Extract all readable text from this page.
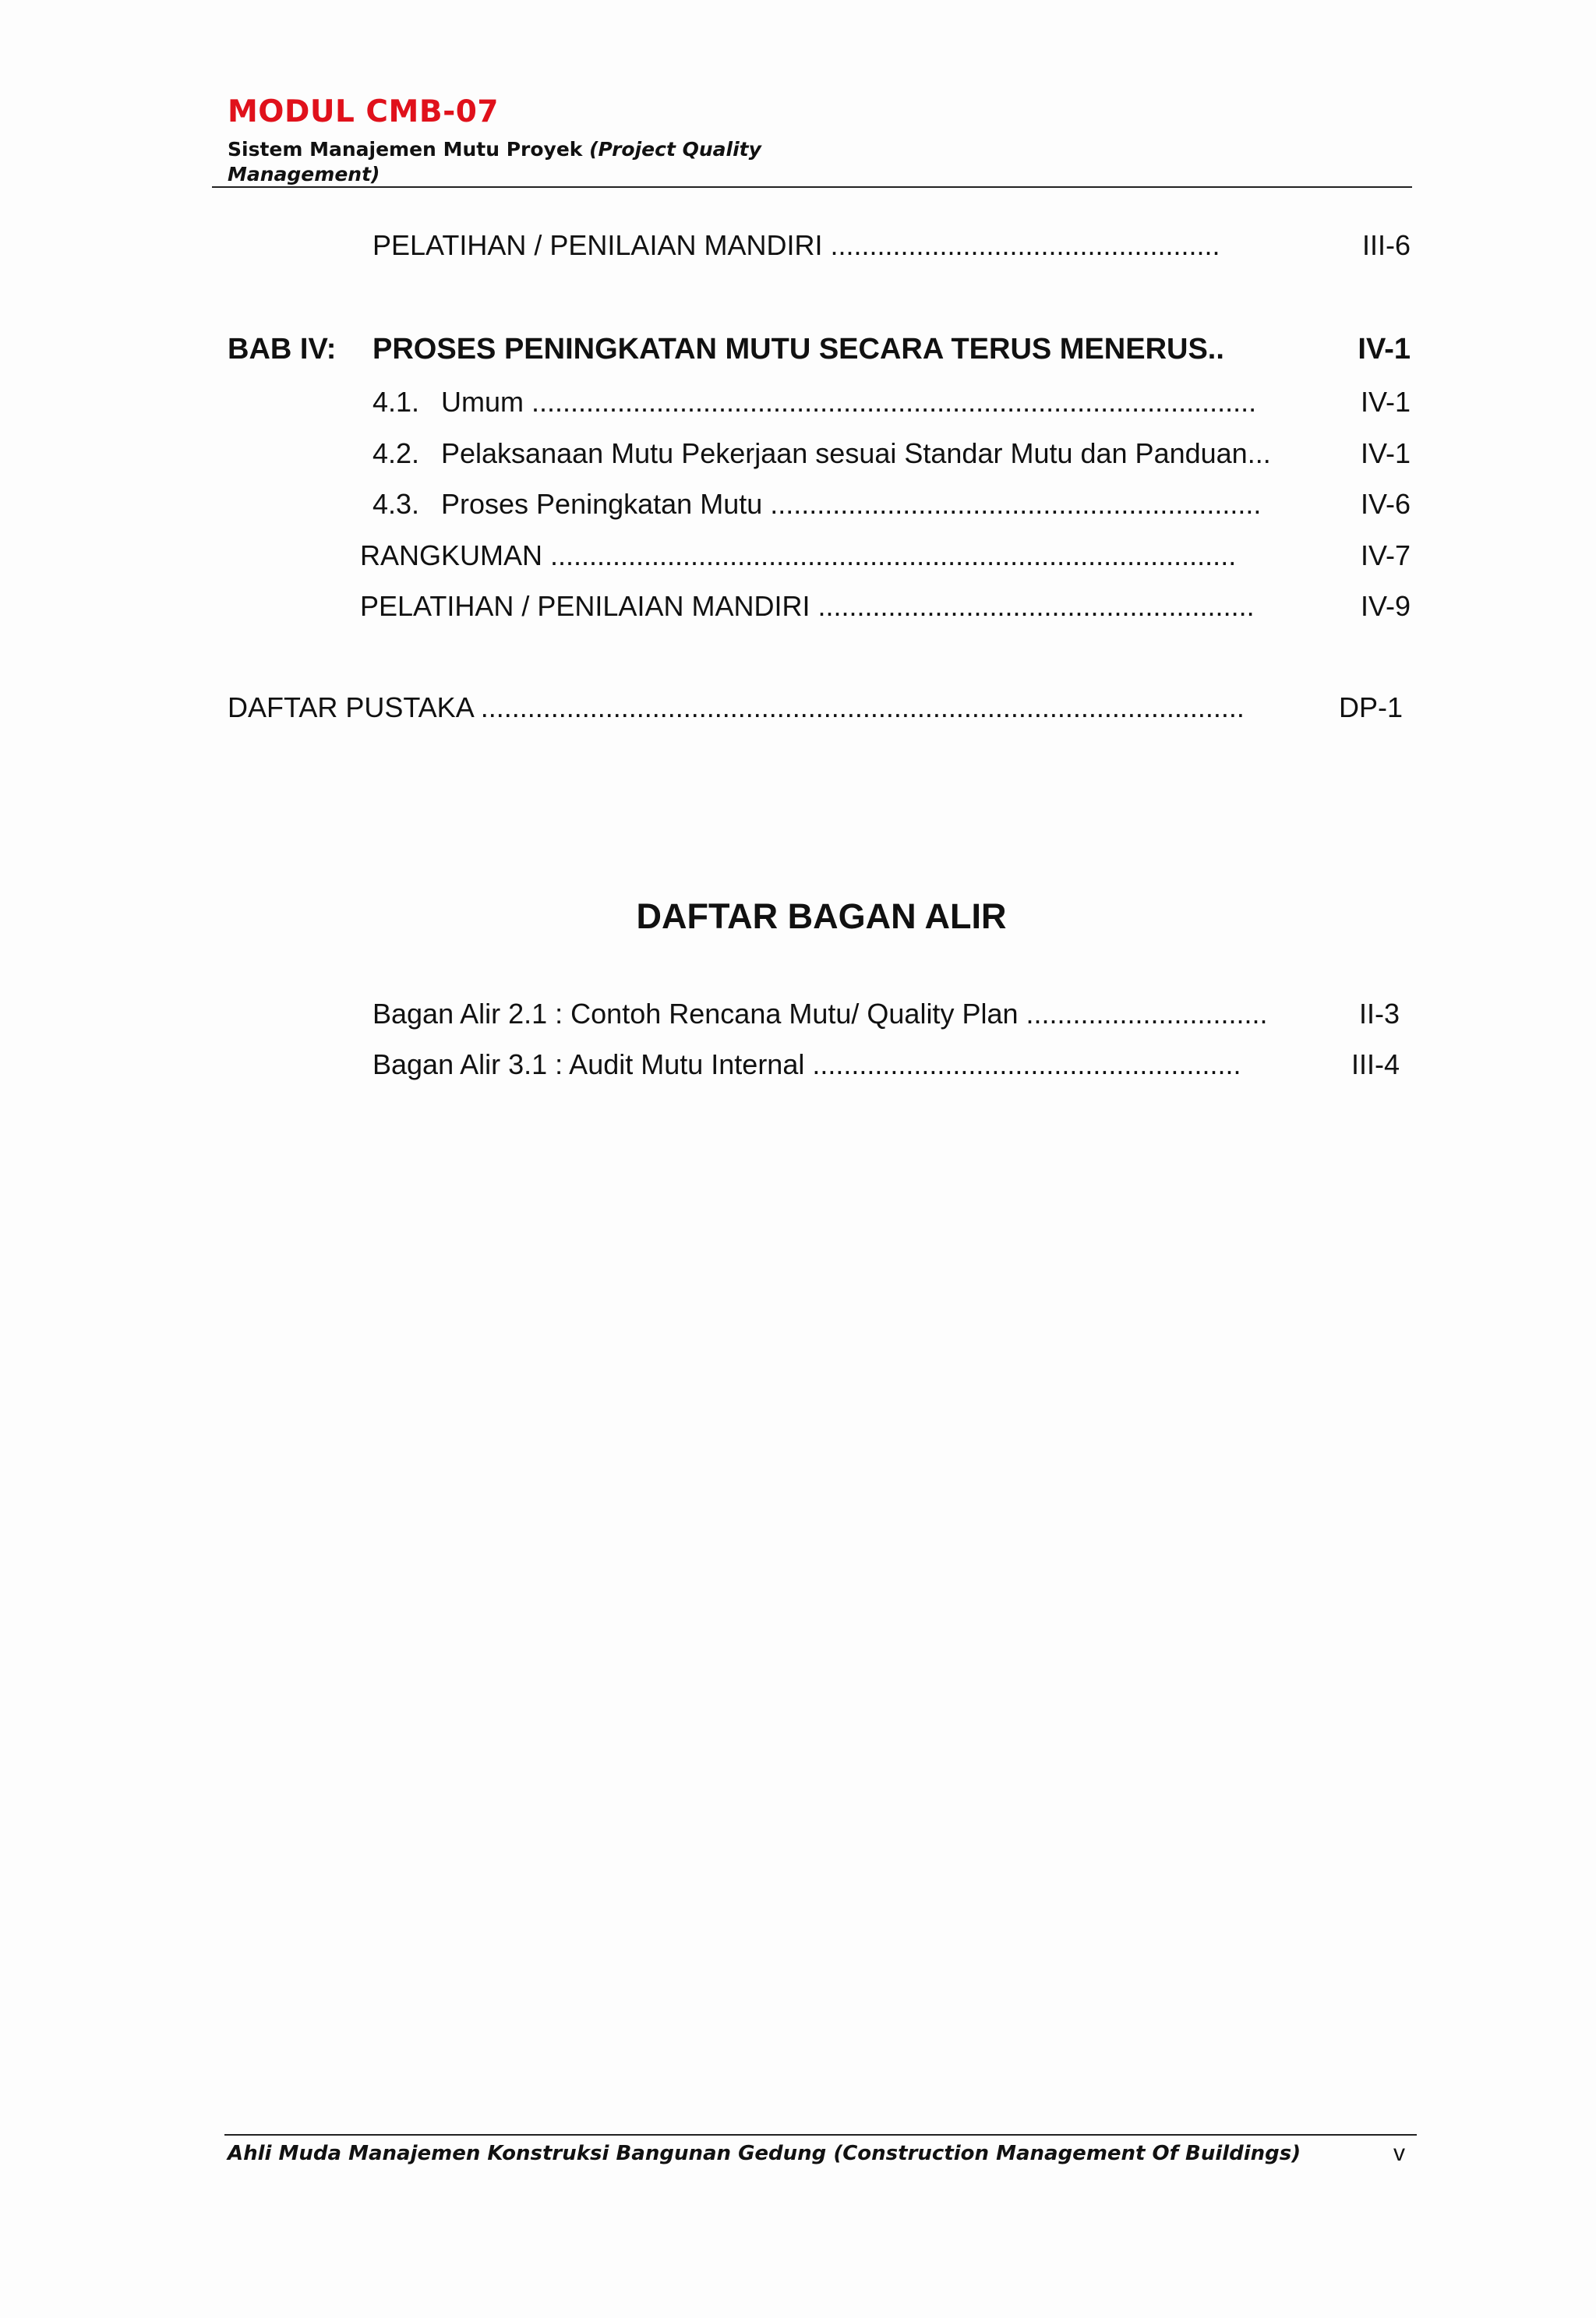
MODUL CMB-07
Sistem Manajemen Mutu Proyek (Project Quality Management)
PELATIHAN / PENILAIAN MANDIRI ..................................................	III-6
BAB IV: PROSES PENINGKATAN MUTU SECARA TERUS MENERUS..	IV-1
4.1. Umum .............................................................................................	IV-1
4.2. Pelaksanaan Mutu Pekerjaan sesuai Standar Mutu dan Panduan...	IV-1
4.3. Proses Peningkatan Mutu ...............................................................	IV-6
RANGKUMAN ........................................................................................	IV-7
PELATIHAN / PENILAIAN MANDIRI ........................................................	IV-9
DAFTAR PUSTAKA ..................................................................................................	DP-1
DAFTAR BAGAN ALIR
Bagan Alir 2.1 : Contoh Rencana Mutu/ Quality Plan ...............................	II-3
Bagan Alir 3.1 : Audit Mutu Internal .......................................................	III-4
Ahli Muda Manajemen Konstruksi Bangunan Gedung (Construction Management Of Buildings)	v
